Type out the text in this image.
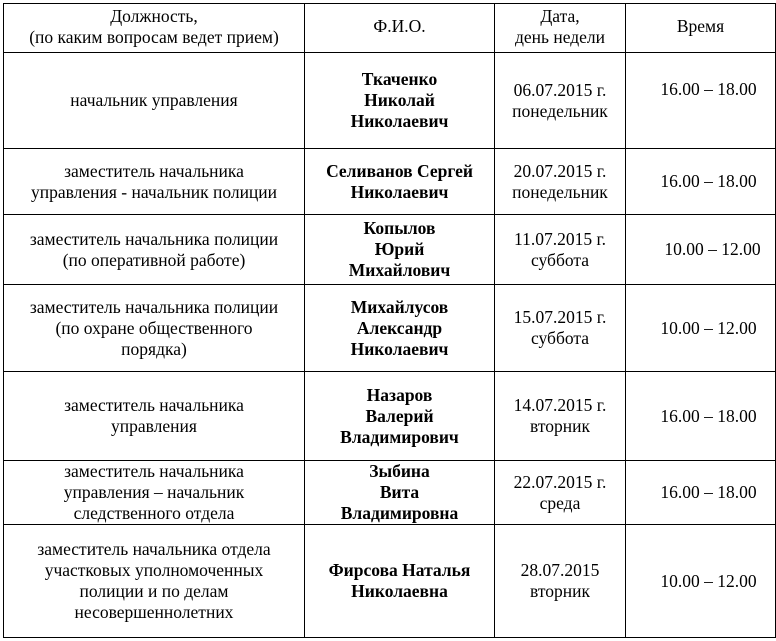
Должность,
(по каким вопросам ведет прием)	Ф.И.О.	Дата,
день недели	Время

начальник управления	Ткаченко
Николай
Николаевич	06.07.2015 г.
понедельник	16.00 – 18.00

заместитель начальника
управления - начальник полиции	Селиванов Сергей
Николаевич	20.07.2015 г.
понедельник	16.00 – 18.00

заместитель начальника полиции
(по оперативной работе)	Копылов
Юрий
Михайлович	11.07.2015 г.
суббота	10.00 – 12.00

заместитель начальника полиции
(по охране общественного
порядка)	Михайлусов
Александр
Николаевич	15.07.2015 г.
суббота	10.00 – 12.00

заместитель начальника
управления	Назаров
Валерий
Владимирович	14.07.2015 г.
вторник	16.00 – 18.00

заместитель начальника
управления – начальник
следственного отдела	Зыбина
Вита
Владимировна	22.07.2015 г.
среда	16.00 – 18.00

заместитель начальника отдела
участковых уполномоченных
полиции и по делам
несовершеннолетних	Фирсова Наталья
Николаевна	28.07.2015
вторник	10.00 – 12.00
